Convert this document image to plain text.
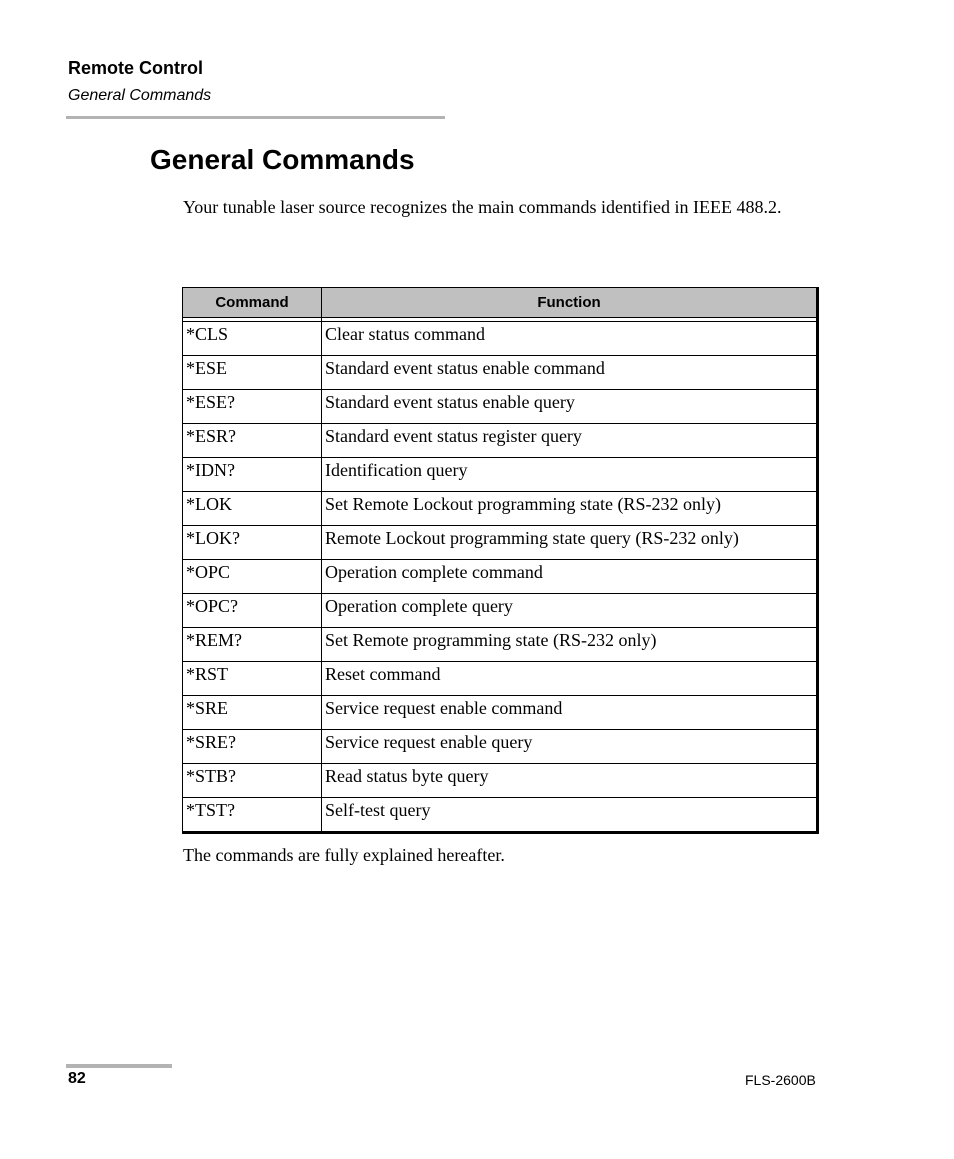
Remote Control
General Commands
General Commands

Your tunable laser source recognizes the main commands identified in IEEE 488.2.

Command	Function

*CLS	Clear status command
*ESE	Standard event status enable command
*ESE?	Standard event status enable query
*ESR?	Standard event status register query
*IDN?	Identification query
*LOK	Set Remote Lockout programming state (RS-232 only)
*LOK?	Remote Lockout programming state query (RS-232 only)
*OPC	Operation complete command
*OPC?	Operation complete query
*REM?	Set Remote programming state (RS-232 only)
*RST	Reset command
*SRE	Service request enable command
*SRE?	Service request enable query
*STB?	Read status byte query
*TST?	Self-test query

The commands are fully explained hereafter.

82	FLS-2600B
